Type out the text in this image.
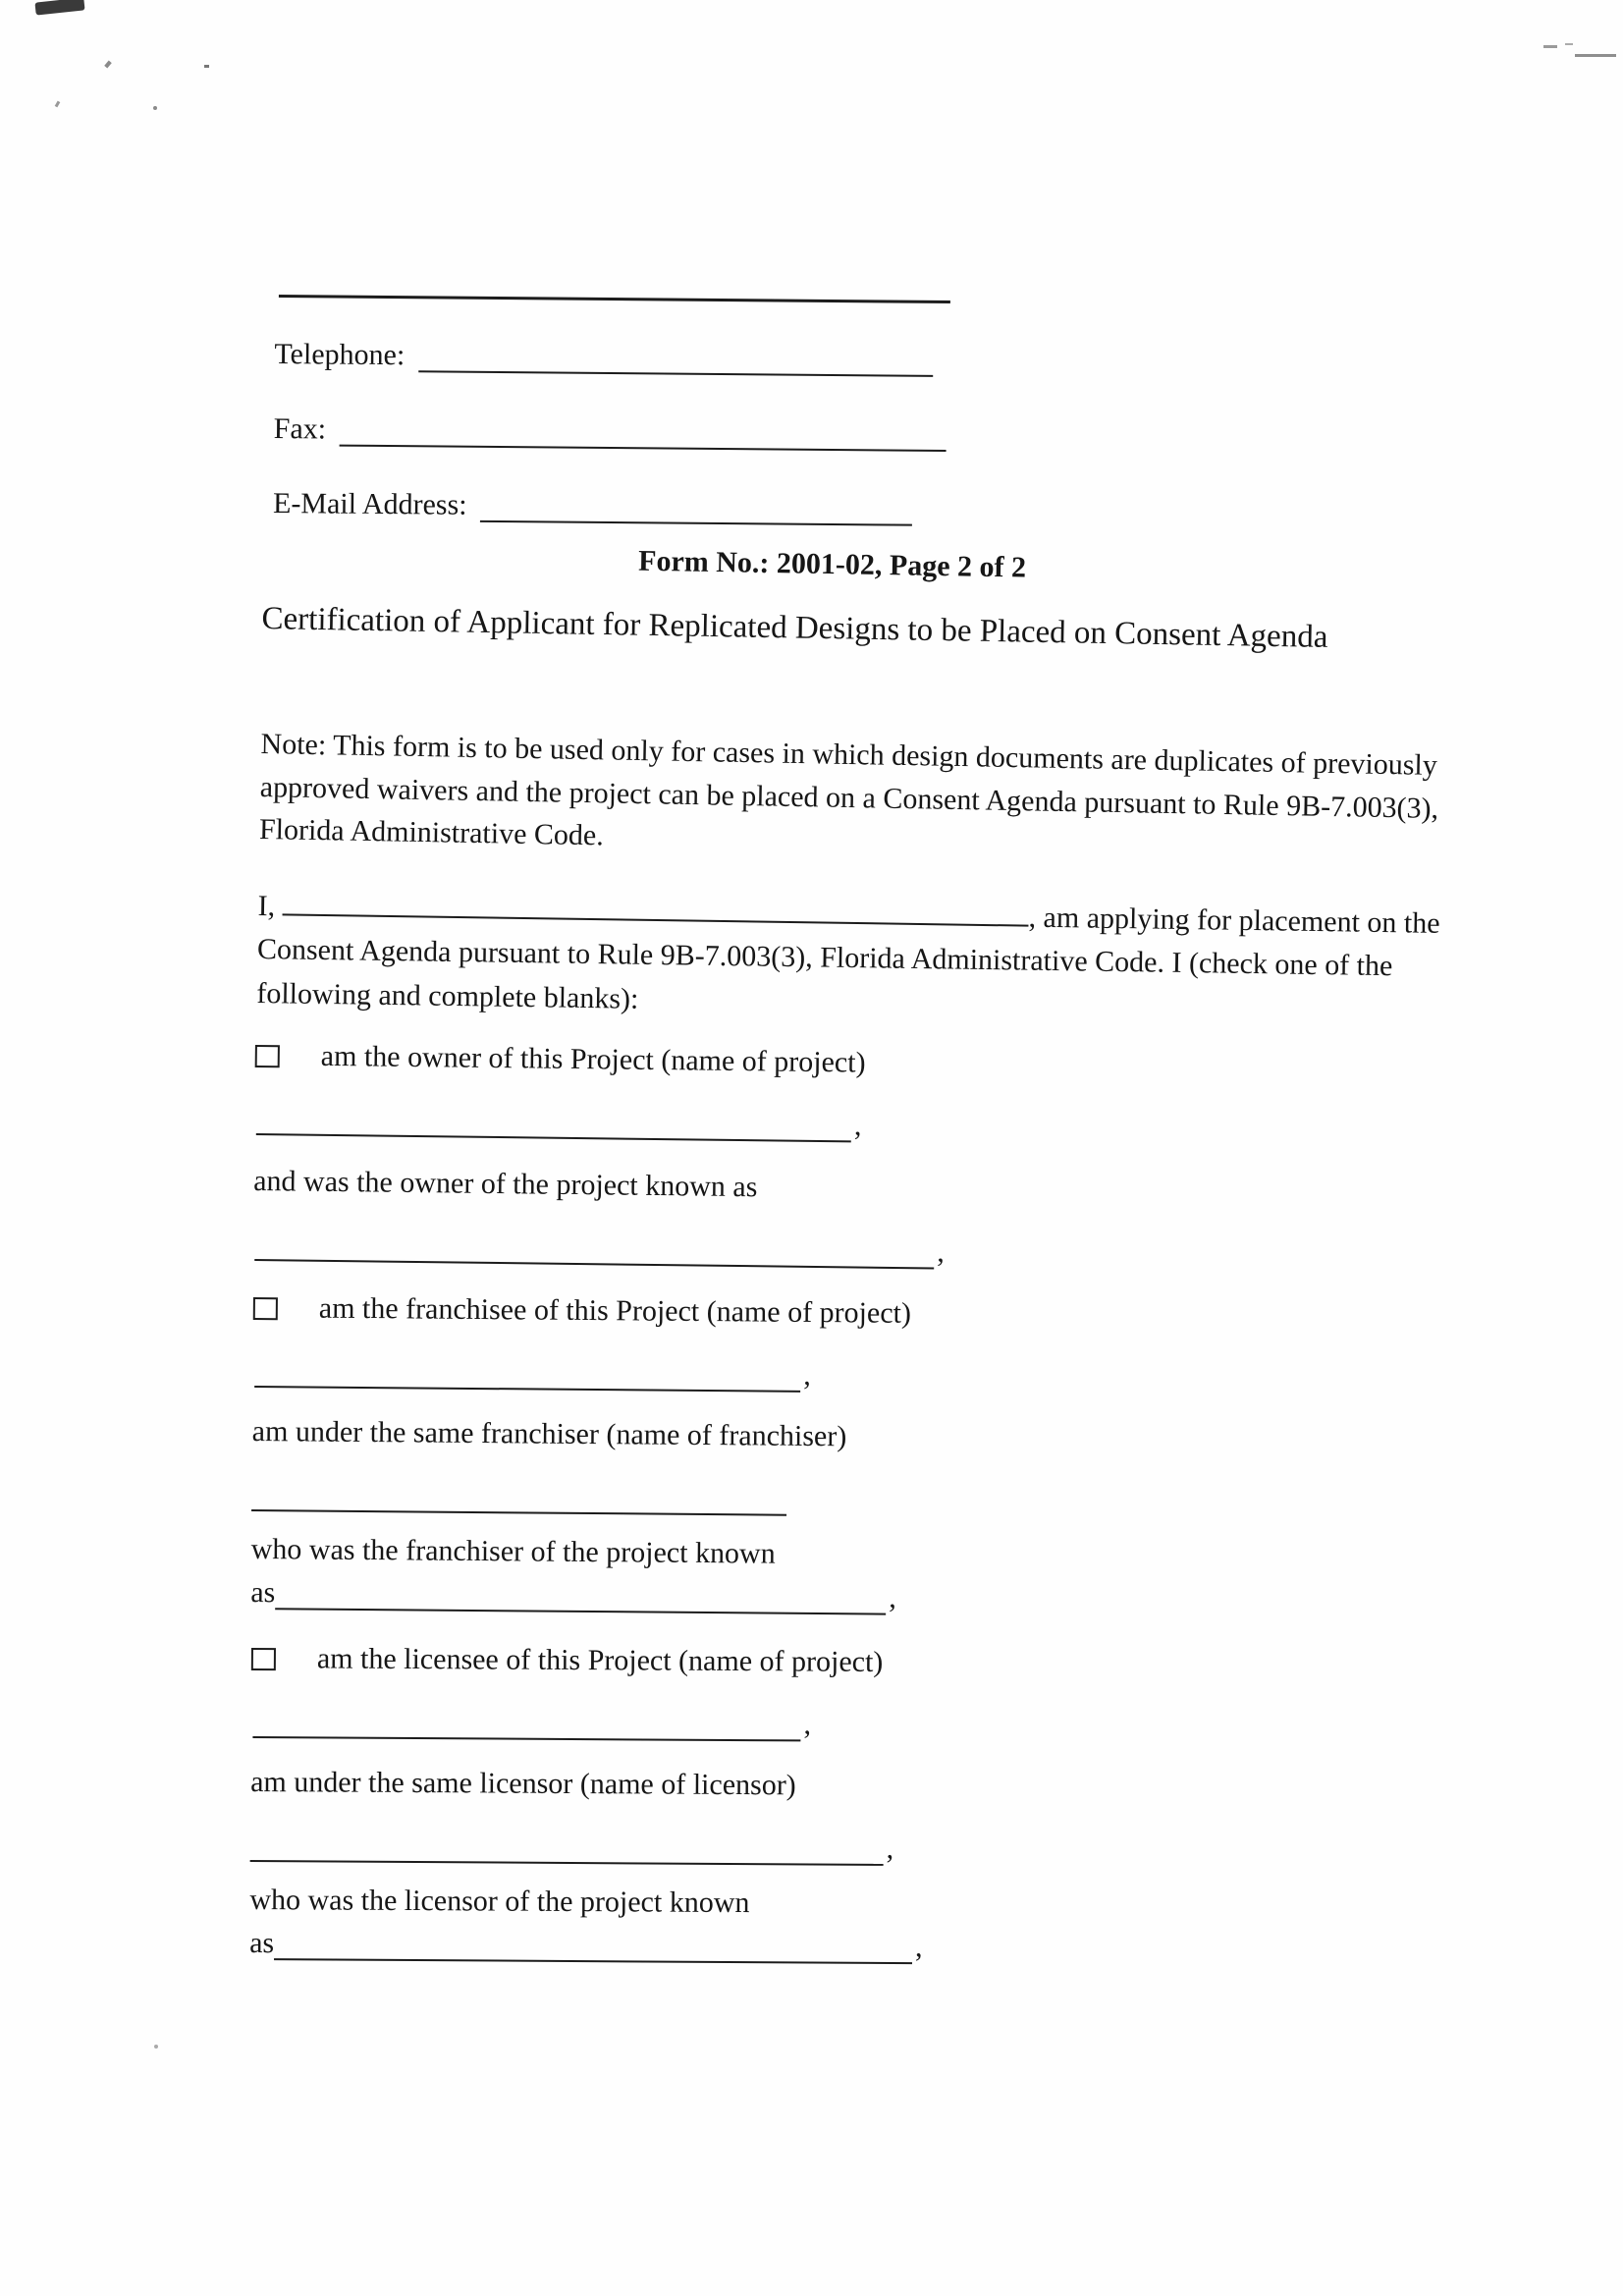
Telephone:
Fax:
E-Mail Address:
Form No.: 2001-02, Page 2 of 2
Certification of Applicant for Replicated Designs to be Placed on Consent Agenda
Note: This form is to be used only for cases in which design documents are duplicates of previously approved waivers and the project can be placed on a Consent Agenda pursuant to Rule 9B-7.003(3), Florida Administrative Code.

I,	, am applying for placement on the Consent Agenda pursuant to Rule 9B-7.003(3), Florida Administrative Code. I (check one of the following and complete blanks):

am the owner of this Project (name of project)
,
and was the owner of the project known as
,
am the franchisee of this Project (name of project)
,
am under the same franchiser (name of franchiser)
who was the franchiser of the project known
as	,
am the licensee of this Project (name of project)
,
am under the same licensor (name of licensor)
,
who was the licensor of the project known
as	,
